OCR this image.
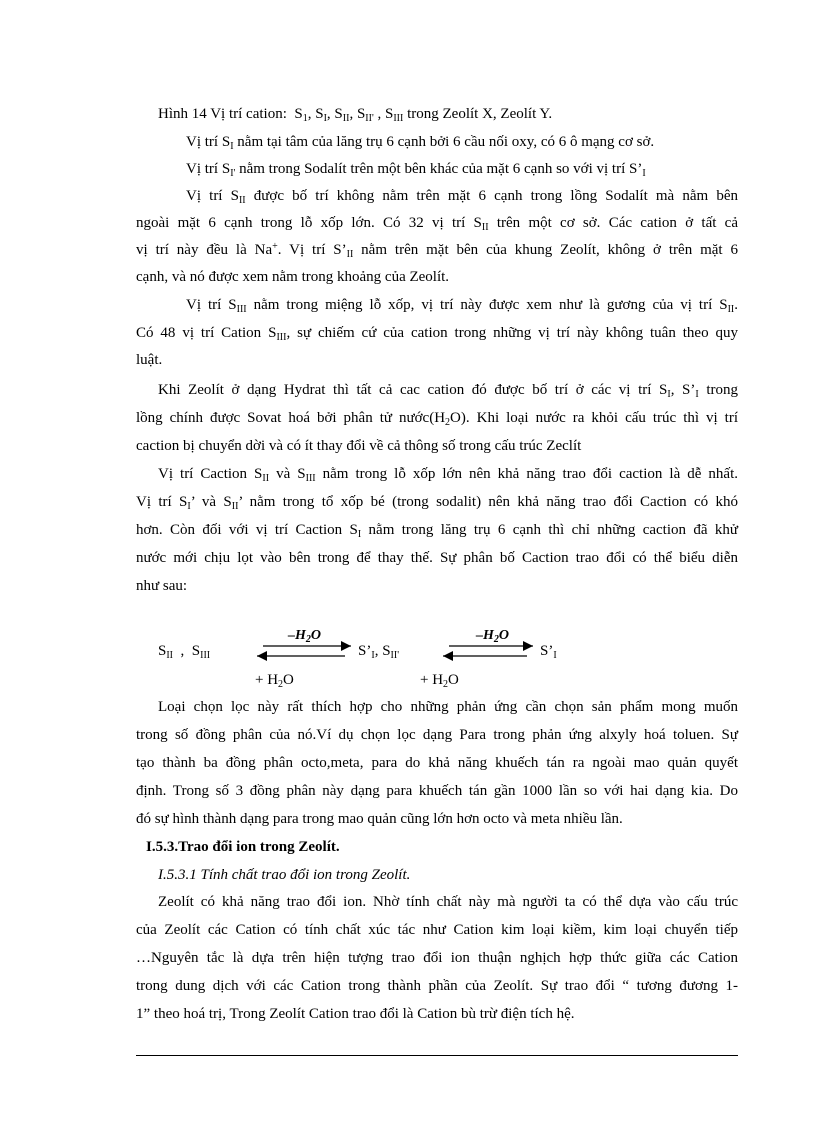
Hình 14 Vị trí cation: $S_1$, $S_I$, $S_{II}$, $S_{II'}$ , $S_{III}$ trong Zeolít X, Zeolít Y.
Vị trí $S_I$ nằm tại tâm của lăng trụ 6 cạnh bởi 6 cầu nối oxy, có 6 ô mạng cơ sở.
Vị trí $S_{I'}$ nằm trong Sodalít trên một bên khác của mặt 6 cạnh so với vị trí $S’_I$
Vị trí $S_{II}$ được bố trí không nằm trên mặt 6 cạnh trong lồng Sodalít mà nằm bên
ngoài mặt 6 cạnh trong lỗ xốp lớn. Có 32 vị trí $S_{II}$ trên một cơ sở. Các cation ở tất cả
vị trí này đều là Na+. Vị trí $S’_{II}$ nằm trên mặt bên của khung Zeolít, không ở trên mặt 6
cạnh, và nó được xem nằm trong khoảng của Zeolít.
Vị trí $S_{III}$ nằm trong miệng lỗ xốp, vị trí này được xem như là gương của vị trí $S_{II}$.
Có 48 vị trí Cation $S_{III}$, sự chiếm cứ của cation trong những vị trí này không tuân theo quy
luật.
Khi Zeolít ở dạng Hydrat thì tất cả cac cation đó được bố trí ở các vị trí $S_I$, $S’_I$ trong
lồng chính được Sovat hoá bởi phân tử $nước(H_2O)$. Khi loại nước ra khỏi cấu trúc thì vị trí
caction bị chuyển dời và có ít thay đổi về cả thông số trong cấu trúc Zeclít
Vị trí Caction $S_{II}$ và $S_{III}$ nằm trong lỗ xốp lớn nên khả năng trao đổi caction là dễ nhất.
Vị trí $S_I$’ và $S_{II}$’ nằm trong tổ xốp bé (trong sodalit) nên khả năng trao đổi Caction có khó
hơn. Còn đối với vị trí Caction $S_I$ nằm trong lăng trụ 6 cạnh thì chỉ những caction đã khử
nước mới chịu lọt vào bên trong để thay thế. Sự phân bố Caction trao đổi có thể biểu diễn
như sau:
$S_{II}$  ,  $S_{III}$
$-H_2O$
$S’_I$, $S_{II'}$
$-H_2O$
$S’_I$
+ $H_2O$	+ $H_2O$
Loại chọn lọc này rất thích hợp cho những phản ứng cần chọn sản phẩm mong muốn
trong số đồng phân của nó.Ví dụ chọn lọc dạng Para trong phản ứng alxyly hoá toluen. Sự
tạo thành ba đồng phân octo,meta, para do khả năng khuếch tán ra ngoài mao quản quyết
định. Trong số 3 đồng phân này dạng para khuếch tán gần 1000 lần so với hai dạng kia. Do
đó sự hình thành dạng para trong mao quản cũng lớn hơn octo và meta nhiều lần.
I.5.3.Trao đổi ion trong Zeolít.
I.5.3.1 Tính chất trao đổi ion trong Zeolít.
Zeolít có khả năng trao đổi ion. Nhờ tính chất này mà người ta có thể dựa vào cấu trúc
của Zeolít các Cation có tính chất xúc tác như Cation kim loại kiềm, kim loại chuyển tiếp
…Nguyên tắc là dựa trên hiện tượng trao đổi ion thuận nghịch hợp thức giữa các Cation
trong dung dịch với các Cation trong thành phần của Zeolít. Sự trao đổi “ tương đương 1-
1” theo hoá trị, Trong Zeolít Cation trao đổi là Cation bù trừ điện tích hệ.
